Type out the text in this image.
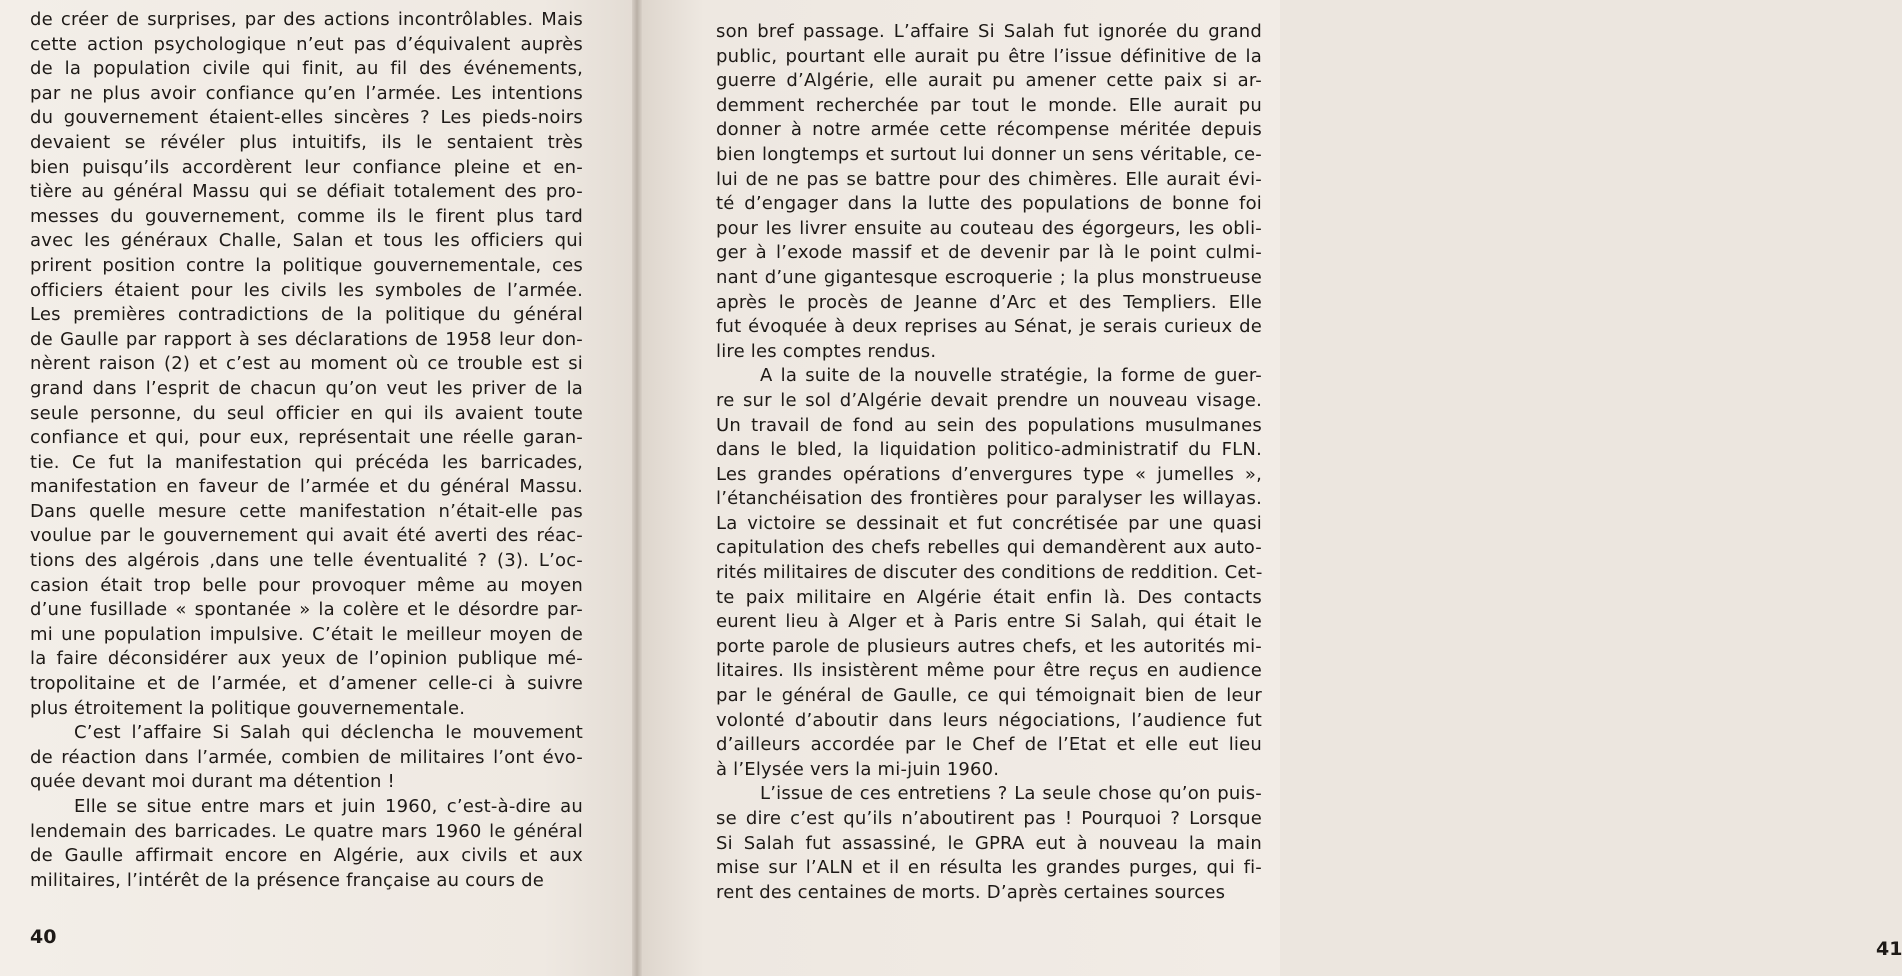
de créer de surprises, par des actions incontrôlables. Mais
cette action psychologique n’eut pas d’équivalent auprès
de la population civile qui finit, au fil des événements,
par ne plus avoir confiance qu’en l’armée. Les intentions
du gouvernement étaient-elles sincères ? Les pieds-noirs
devaient se révéler plus intuitifs, ils le sentaient très
bien puisqu’ils accordèrent leur confiance pleine et en-
tière au général Massu qui se défiait totalement des pro-
messes du gouvernement, comme ils le firent plus tard
avec les généraux Challe, Salan et tous les officiers qui
prirent position contre la politique gouvernementale, ces
officiers étaient pour les civils les symboles de l’armée.
Les premières contradictions de la politique du général
de Gaulle par rapport à ses déclarations de 1958 leur don-
nèrent raison (2) et c’est au moment où ce trouble est si
grand dans l’esprit de chacun qu’on veut les priver de la
seule personne, du seul officier en qui ils avaient toute
confiance et qui, pour eux, représentait une réelle garan-
tie. Ce fut la manifestation qui précéda les barricades,
manifestation en faveur de l’armée et du général Massu.
Dans quelle mesure cette manifestation n’était-elle pas
voulue par le gouvernement qui avait été averti des réac-
tions des algérois ,dans une telle éventualité ? (3). L’oc-
casion était trop belle pour provoquer même au moyen
d’une fusillade « spontanée » la colère et le désordre par-
mi une population impulsive. C’était le meilleur moyen de
la faire déconsidérer aux yeux de l’opinion publique mé-
tropolitaine et de l’armée, et d’amener celle-ci à suivre
plus étroitement la politique gouvernementale.
C’est l’affaire Si Salah qui déclencha le mouvement
de réaction dans l’armée, combien de militaires l’ont évo-
quée devant moi durant ma détention !
Elle se situe entre mars et juin 1960, c’est-à-dire au
lendemain des barricades. Le quatre mars 1960 le général
de Gaulle affirmait encore en Algérie, aux civils et aux
militaires, l’intérêt de la présence française au cours de
40
41
son bref passage. L’affaire Si Salah fut ignorée du grand
public, pourtant elle aurait pu être l’issue définitive de la
guerre d’Algérie, elle aurait pu amener cette paix si ar-
demment recherchée par tout le monde. Elle aurait pu
donner à notre armée cette récompense méritée depuis
bien longtemps et surtout lui donner un sens véritable, ce-
lui de ne pas se battre pour des chimères. Elle aurait évi-
té d’engager dans la lutte des populations de bonne foi
pour les livrer ensuite au couteau des égorgeurs, les obli-
ger à l’exode massif et de devenir par là le point culmi-
nant d’une gigantesque escroquerie ; la plus monstrueuse
après le procès de Jeanne d’Arc et des Templiers. Elle
fut évoquée à deux reprises au Sénat, je serais curieux de
lire les comptes rendus.
A la suite de la nouvelle stratégie, la forme de guer-
re sur le sol d’Algérie devait prendre un nouveau visage.
Un travail de fond au sein des populations musulmanes
dans le bled, la liquidation politico-administratif du FLN.
Les grandes opérations d’envergures type « jumelles »,
l’étanchéisation des frontières pour paralyser les willayas.
La victoire se dessinait et fut concrétisée par une quasi
capitulation des chefs rebelles qui demandèrent aux auto-
rités militaires de discuter des conditions de reddition. Cet-
te paix militaire en Algérie était enfin là. Des contacts
eurent lieu à Alger et à Paris entre Si Salah, qui était le
porte parole de plusieurs autres chefs, et les autorités mi-
litaires. Ils insistèrent même pour être reçus en audience
par le général de Gaulle, ce qui témoignait bien de leur
volonté d’aboutir dans leurs négociations, l’audience fut
d’ailleurs accordée par le Chef de l’Etat et elle eut lieu
à l’Elysée vers la mi-juin 1960.
L’issue de ces entretiens ? La seule chose qu’on puis-
se dire c’est qu’ils n’aboutirent pas ! Pourquoi ? Lorsque
Si Salah fut assassiné, le GPRA eut à nouveau la main
mise sur l’ALN et il en résulta les grandes purges, qui fi-
rent des centaines de morts. D’après certaines sources
